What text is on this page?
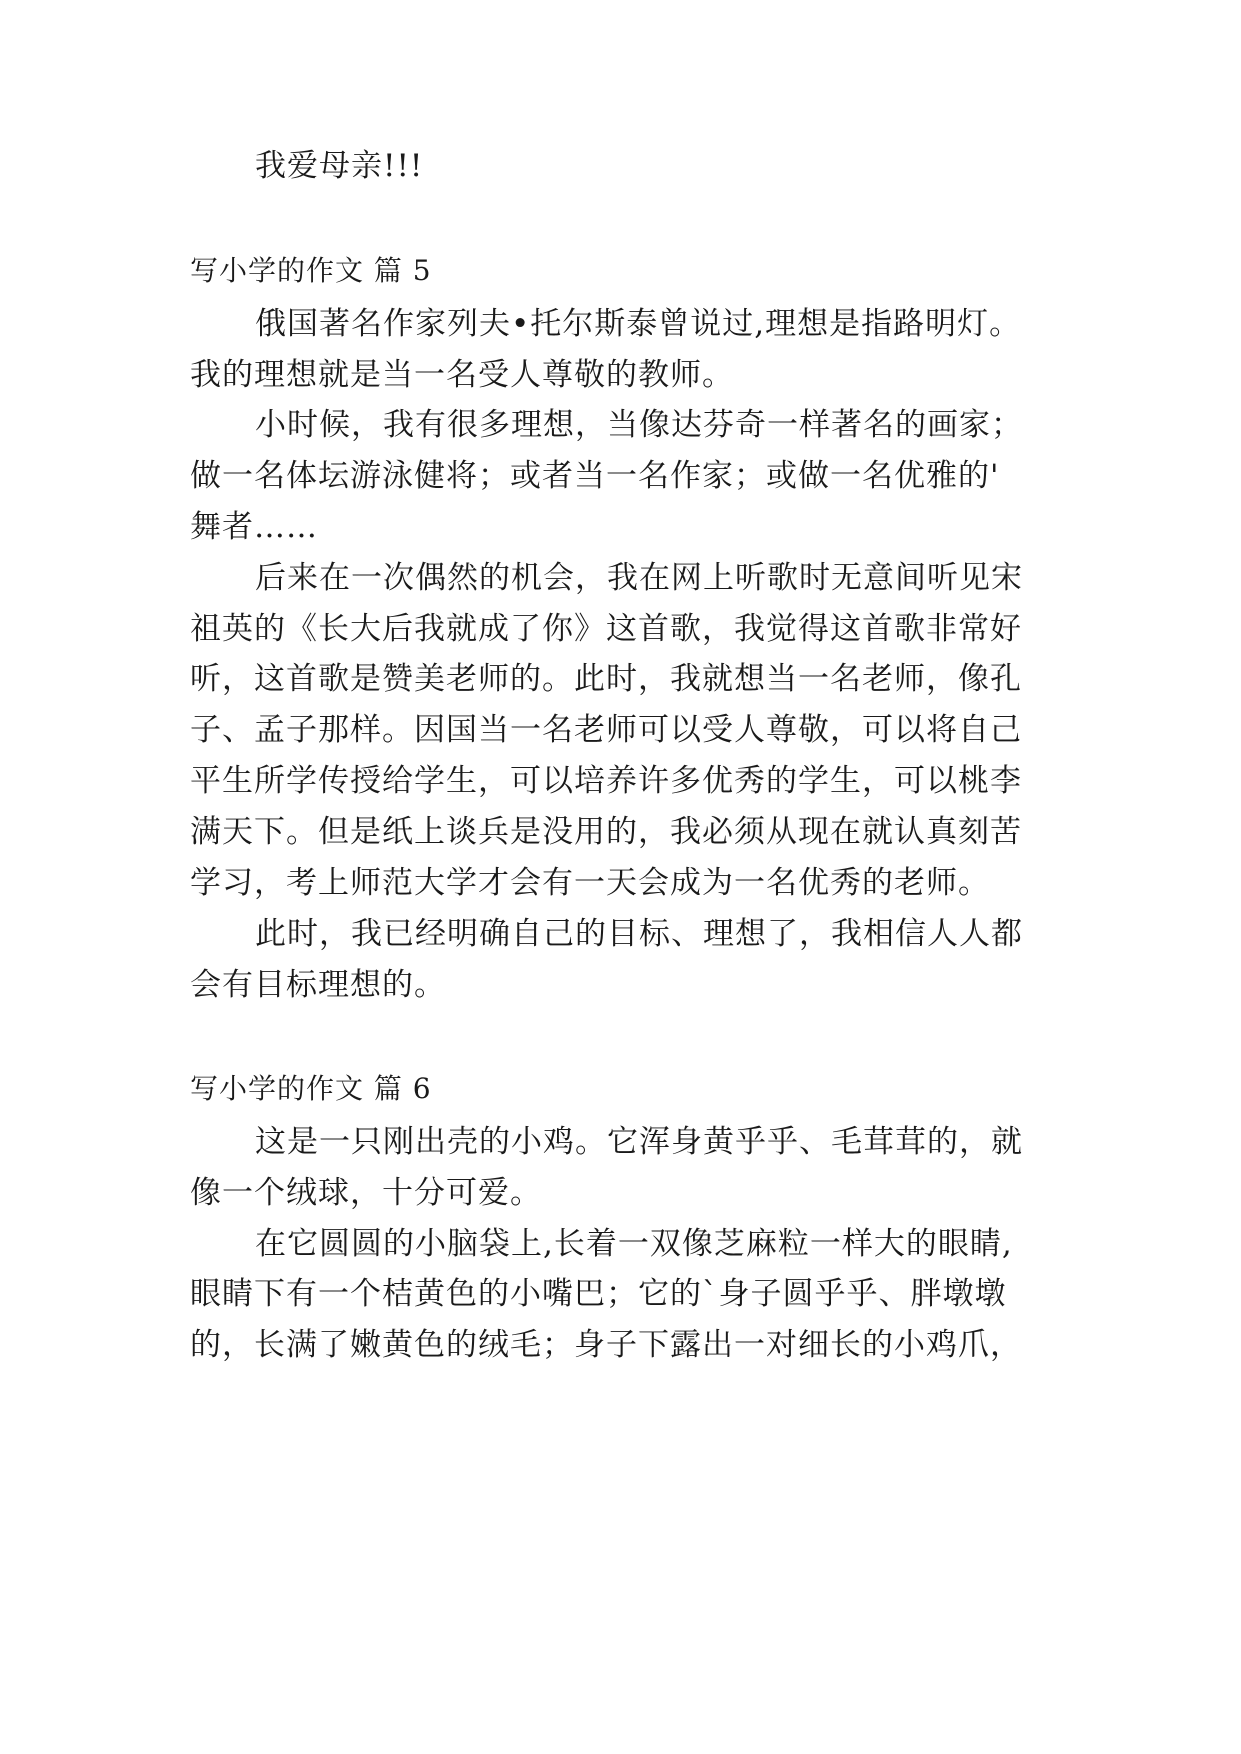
我爱母亲!!!
写小学的作文 篇 5
俄国著名作家列夫•托尔斯泰曾说过,理想是指路明灯。
我的理想就是当一名受人尊敬的教师。
小时候，我有很多理想，当像达芬奇一样著名的画家；
做一名体坛游泳健将；或者当一名作家；或做一名优雅的'
舞者……
后来在一次偶然的机会，我在网上听歌时无意间听见宋
祖英的《长大后我就成了你》这首歌，我觉得这首歌非常好
听，这首歌是赞美老师的。此时，我就想当一名老师，像孔
子、孟子那样。因国当一名老师可以受人尊敬，可以将自己
平生所学传授给学生，可以培养许多优秀的学生，可以桃李
满天下。但是纸上谈兵是没用的，我必须从现在就认真刻苦
学习，考上师范大学才会有一天会成为一名优秀的老师。
此时，我已经明确自己的目标、理想了，我相信人人都
会有目标理想的。
写小学的作文 篇 6
这是一只刚出壳的小鸡。它浑身黄乎乎、毛茸茸的，就
像一个绒球，十分可爱。
在它圆圆的小脑袋上,长着一双像芝麻粒一样大的眼睛,
眼睛下有一个桔黄色的小嘴巴；它的`身子圆乎乎、胖墩墩
的，长满了嫩黄色的绒毛；身子下露出一对细长的小鸡爪，
